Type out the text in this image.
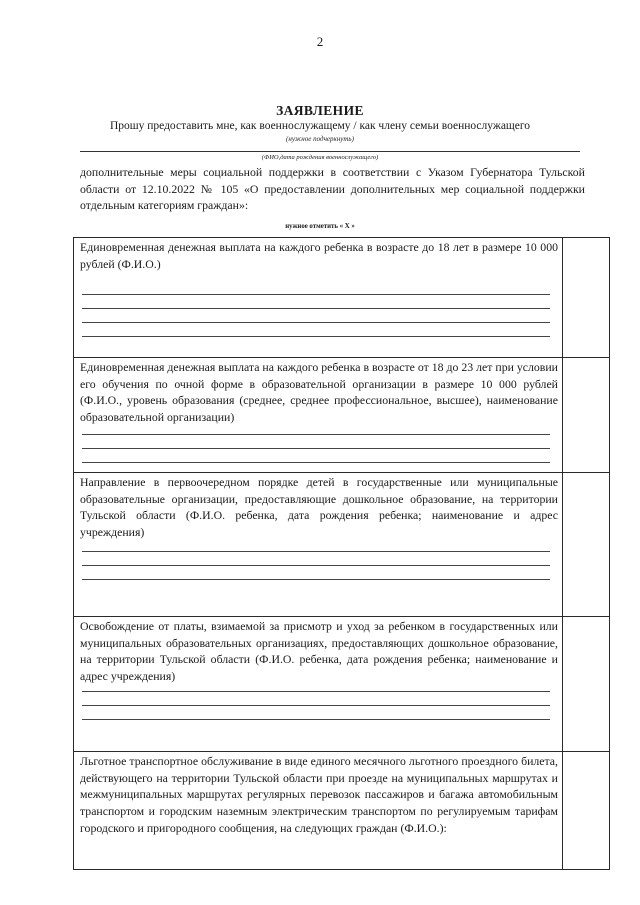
2
ЗАЯВЛЕНИЕ
Прошу предоставить мне, как военнослужащему / как члену семьи военнослужащего
(нужное подчеркнуть)
(ФИО,дата рождения военнослужащего)
дополнительные меры социальной поддержки в соответствии с Указом Губернатора Тульской области от 12.10.2022 № 105 «О предоставлении дополнительных мер социальной поддержки отдельным категориям граждан»:
нужное отметить « Х »
Единовременная денежная выплата на каждого ребенка в возрасте до 18 лет в размере 10 000 рублей (Ф.И.О.)	

Единовременная денежная выплата на каждого ребенка в возрасте от 18 до 23 лет при условии его обучения по очной форме в образовательной организации в размере 10 000 рублей (Ф.И.О., уровень образования (среднее, среднее профессиональное, высшее), наименование образовательной организации)	

Направление в первоочередном порядке детей в государственные или муниципальные образовательные организации, предоставляющие дошкольное образование, на территории Тульской области (Ф.И.О. ребенка, дата рождения ребенка; наименование и адрес учреждения)	

Освобождение от платы, взимаемой за присмотр и уход за ребенком в государственных или муниципальных образовательных организациях, предоставляющих дошкольное образование, на территории Тульской области (Ф.И.О. ребенка, дата рождения ребенка; наименование и адрес учреждения)	

Льготное транспортное обслуживание в виде единого месячного льготного проездного билета, действующего на территории Тульской области при проезде на муниципальных маршрутах и межмуниципальных маршрутах регулярных перевозок пассажиров и багажа автомобильным транспортом и городским наземным электрическим транспортом по регулируемым тарифам городского и пригородного сообщения, на следующих граждан (Ф.И.О.):	
